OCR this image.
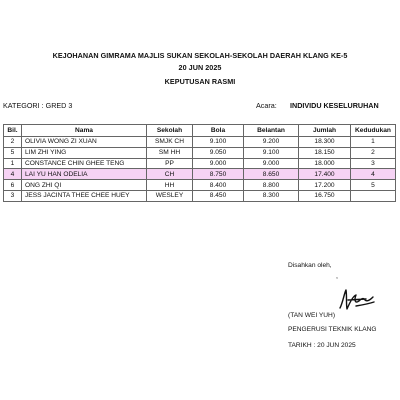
KEJOHANAN GIMRAMA MAJLIS SUKAN SEKOLAH-SEKOLAH DAERAH KLANG KE-5
20 JUN 2025
KEPUTUSAN RASMI
KATEGORI : GRED 3	Acara: INDIVIDU KESELURUHAN
Bil.	Nama	Sekolah	Bola	Belantan	Jumlah	Kedudukan
2	OLIVIA WONG ZI XUAN	SMJK CH	9.100	9.200	18.300	1
5	LIM ZHI YING	SM HH	9.050	9.100	18.150	2
1	CONSTANCE CHIN GHEE TENG	PP	9.000	9.000	18.000	3
4	LAI YU HAN ODELIA	CH	8.750	8.650	17.400	4
6	ONG ZHI QI	HH	8.400	8.800	17.200	5
3	JESS JACINTA THEE CHEE HUEY	WESLEY	8.450	8.300	16.750	
Disahkan oleh,
,
(TAN WEI YUH)
PENGERUSI TEKNIK KLANG
TARIKH : 20 JUN 2025
